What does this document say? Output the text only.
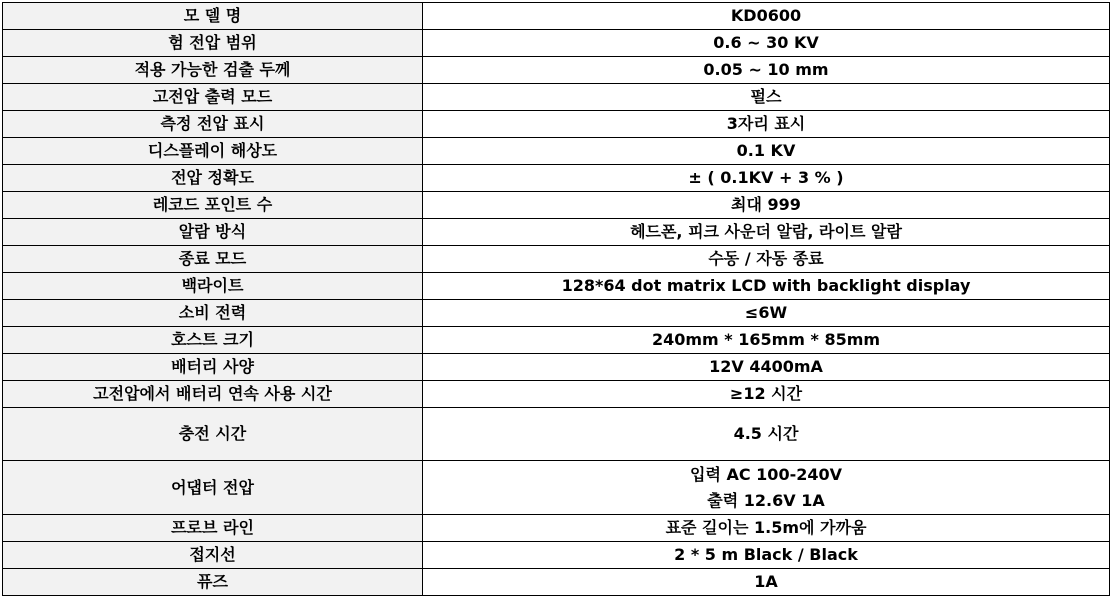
모 델 명	KD0600
험 전압 범위	0.6 ~ 30 KV
적용 가능한 검출 두께	0.05 ~ 10 mm
고전압 출력 모드	펄스
측정 전압 표시	3자리 표시
디스플레이 해상도	0.1 KV
전압 정확도	± ( 0.1KV + 3 % )
레코드 포인트 수	최대 999
알람 방식	헤드폰, 피크 사운더 알람, 라이트 알람
종료 모드	수동 / 자동 종료
백라이트	128*64 dot matrix LCD with backlight display
소비 전력	≤6W
호스트 크기	240mm * 165mm * 85mm
배터리 사양	12V 4400mA
고전압에서 배터리 연속 사용 시간	≥12 시간
충전 시간	4.5 시간
어댑터 전압	입력 AC 100-240V
출력 12.6V 1A

프로브 라인	표준 길이는 1.5m에 가까움
접지선	2 * 5 m Black / Black
퓨즈	1A
